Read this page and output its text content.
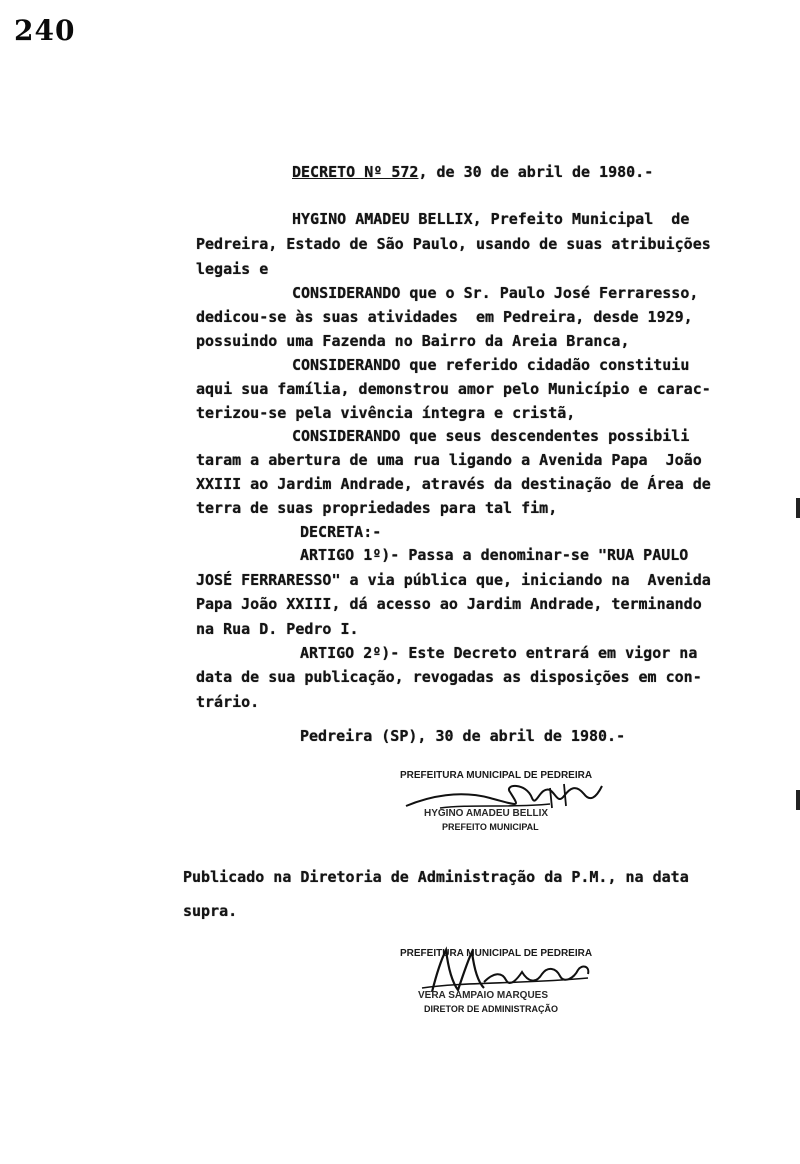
240
DECRETO Nº 572, de 30 de abril de 1980.-
HYGINO AMADEU BELLIX, Prefeito Municipal  de
Pedreira, Estado de São Paulo, usando de suas atribuições
legais e
CONSIDERANDO que o Sr. Paulo José Ferraresso,
dedicou-se às suas atividades  em Pedreira, desde 1929,
possuindo uma Fazenda no Bairro da Areia Branca,
CONSIDERANDO que referido cidadão constituiu
aqui sua família, demonstrou amor pelo Município e carac-
terizou-se pela vivência íntegra e cristã,
CONSIDERANDO que seus descendentes possibili
taram a abertura de uma rua ligando a Avenida Papa  João
XXIII ao Jardim Andrade, através da destinação de Área de
terra de suas propriedades para tal fim,
DECRETA:-
ARTIGO 1º)- Passa a denominar-se "RUA PAULO
JOSÉ FERRARESSO" a via pública que, iniciando na  Avenida
Papa João XXIII, dá acesso ao Jardim Andrade, terminando
na Rua D. Pedro I.
ARTIGO 2º)- Este Decreto entrará em vigor na
data de sua publicação, revogadas as disposições em con-
trário.
Pedreira (SP), 30 de abril de 1980.-
PREFEITURA MUNICIPAL DE PEDREIRA
HYGINO AMADEU BELLIX
PREFEITO MUNICIPAL
Publicado na Diretoria de Administração da P.M., na data
supra.
PREFEITURA MUNICIPAL DE PEDREIRA
VERA SAMPAIO MARQUES
DIRETOR DE ADMINISTRAÇÃO
